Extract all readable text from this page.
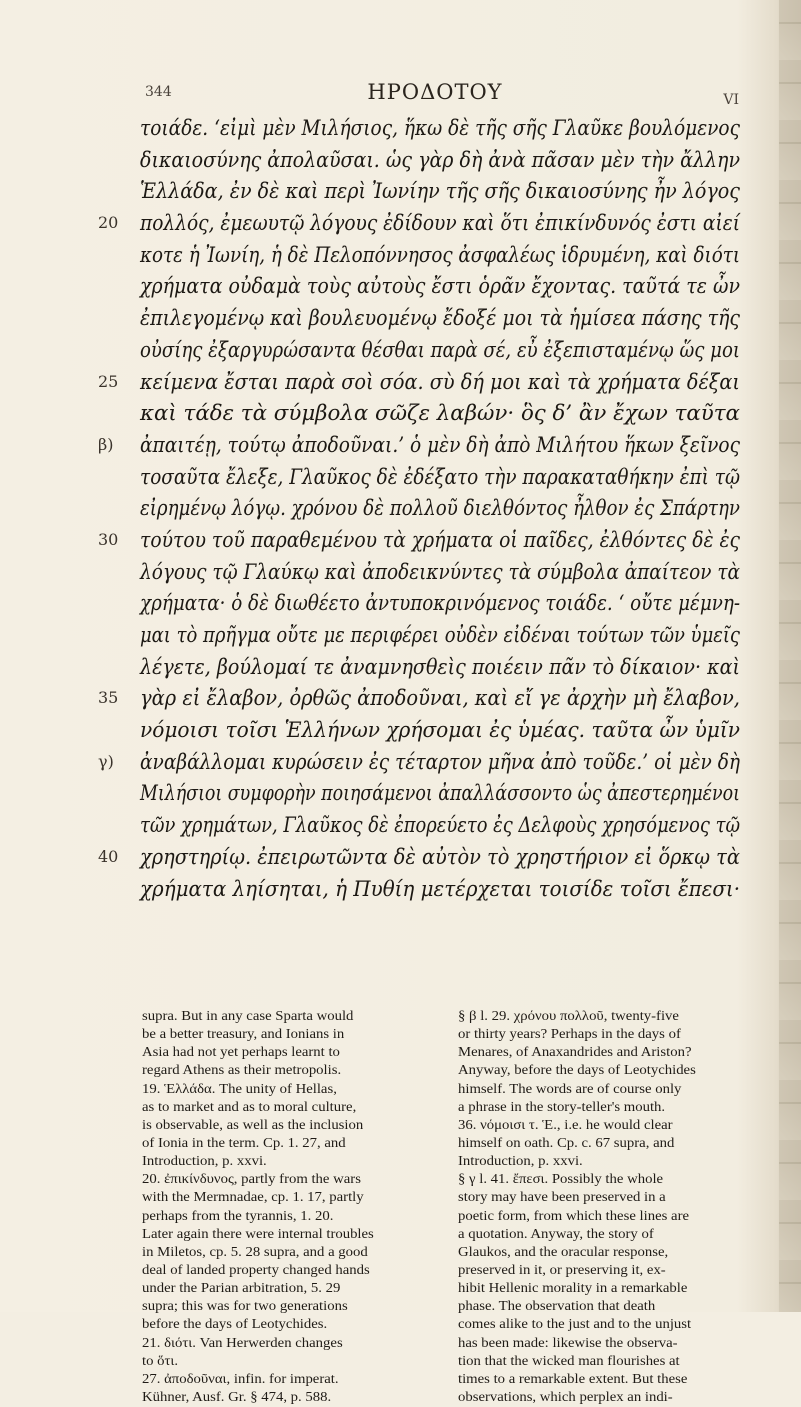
344	ΗΡΟΔΟΤΟΥ	VI
τοιάδε. ‘εἰμὶ μὲν Μιλήσιος, ἥκω δὲ τῆς σῆς Γλαῦκε βουλόμενος
δικαιοσύνης ἀπολαῦσαι. ὡς γὰρ δὴ ἀνὰ πᾶσαν μὲν τὴν ἄλλην
Ἑλλάδα, ἐν δὲ καὶ περὶ Ἰωνίην τῆς σῆς δικαιοσύνης ἦν λόγος
20 πολλός, ἐμεωυτῷ λόγους ἐδίδουν καὶ ὅτι ἐπικίνδυνός ἐστι αἰεί
κοτε ἡ Ἰωνίη, ἡ δὲ Πελοπόννησος ἀσφαλέως ἱδρυμένη, καὶ διότι
χρήματα οὐδαμὰ τοὺς αὐτοὺς ἔστι ὁρᾶν ἔχοντας. ταῦτά τε ὦν
ἐπιλεγομένῳ καὶ βουλευομένῳ ἔδοξέ μοι τὰ ἡμίσεα πάσης τῆς
οὐσίης ἐξαργυρώσαντα θέσθαι παρὰ σέ, εὖ ἐξεπισταμένῳ ὥς μοι
25 κείμενα ἔσται παρὰ σοὶ σόα. σὺ δή μοι καὶ τὰ χρήματα δέξαι
καὶ τάδε τὰ σύμβολα σῶζε λαβών· ὃς δ’ ἂν ἔχων ταῦτα
β) ἀπαιτέῃ, τούτῳ ἀποδοῦναι.’ ὁ μὲν δὴ ἀπὸ Μιλήτου ἥκων ξεῖνος
τοσαῦτα ἔλεξε, Γλαῦκος δὲ ἐδέξατο τὴν παρακαταθήκην ἐπὶ τῷ
εἰρημένῳ λόγῳ. χρόνου δὲ πολλοῦ διελθόντος ἦλθον ἐς Σπάρτην
30 τούτου τοῦ παραθεμένου τὰ χρήματα οἱ παῖδες, ἐλθόντες δὲ ἐς
λόγους τῷ Γλαύκῳ καὶ ἀποδεικνύντες τὰ σύμβολα ἀπαίτεον τὰ
χρήματα· ὁ δὲ διωθέετο ἀντυποκρινόμενος τοιάδε. ‘ οὔτε μέμνη-
μαι τὸ πρῆγμα οὔτε με περιφέρει οὐδὲν εἰδέναι τούτων τῶν ὑμεῖς
λέγετε, βούλομαί τε ἀναμνησθεὶς ποιέειν πᾶν τὸ δίκαιον· καὶ
35 γὰρ εἰ ἔλαβον, ὀρθῶς ἀποδοῦναι, καὶ εἴ γε ἀρχὴν μὴ ἔλαβον,
νόμοισι τοῖσι Ἑλλήνων χρήσομαι ἐς ὑμέας. ταῦτα ὦν ὑμῖν
γ) ἀναβάλλομαι κυρώσειν ἐς τέταρτον μῆνα ἀπὸ τοῦδε.’ οἱ μὲν δὴ
Μιλήσιοι συμφορὴν ποιησάμενοι ἀπαλλάσσοντο ὡς ἀπεστερημένοι
τῶν χρημάτων, Γλαῦκος δὲ ἐπορεύετο ἐς Δελφοὺς χρησόμενος τῷ
40 χρηστηρίῳ. ἐπειρωτῶντα δὲ αὐτὸν τὸ χρηστήριον εἰ ὅρκῳ τὰ
χρήματα ληίσηται, ἡ Πυθίη μετέρχεται τοισίδε τοῖσι ἔπεσι·
supra. But in any case Sparta would
be a better treasury, and Ionians in
Asia had not yet perhaps learnt to
regard Athens as their metropolis.
19. Ἑλλάδα. The unity of Hellas,
as to market and as to moral culture,
is observable, as well as the inclusion
of Ionia in the term. Cp. 1. 27, and
Introduction, p. xxvi.
20. ἐπικίνδυνος, partly from the wars
with the Mermnadae, cp. 1. 17, partly
perhaps from the tyrannis, 1. 20.
Later again there were internal troubles
in Miletos, cp. 5. 28 supra, and a good
deal of landed property changed hands
under the Parian arbitration, 5. 29
supra; this was for two generations
before the days of Leotychides.
21. διότι. Van Herwerden changes
to ὅτι.
27. ἀποδοῦναι, infin. for imperat.
Kühner, Ausf. Gr. § 474, p. 588.
§ β l. 29. χρόνου πολλοῦ, twenty-five
or thirty years? Perhaps in the days of
Menares, of Anaxandrides and Ariston?
Anyway, before the days of Leotychides
himself. The words are of course only
a phrase in the story-teller's mouth.
36. νόμοισι τ. Ἑ., i.e. he would clear
himself on oath. Cp. c. 67 supra, and
Introduction, p. xxvi.
§ γ l. 41. ἔπεσι. Possibly the whole
story may have been preserved in a
poetic form, from which these lines are
a quotation. Anyway, the story of
Glaukos, and the oracular response,
preserved in it, or preserving it, ex-
hibit Hellenic morality in a remarkable
phase. The observation that death
comes alike to the just and to the unjust
has been made: likewise the observa-
tion that the wicked man flourishes at
times to a remarkable extent. But these
observations, which perplex an indi-
